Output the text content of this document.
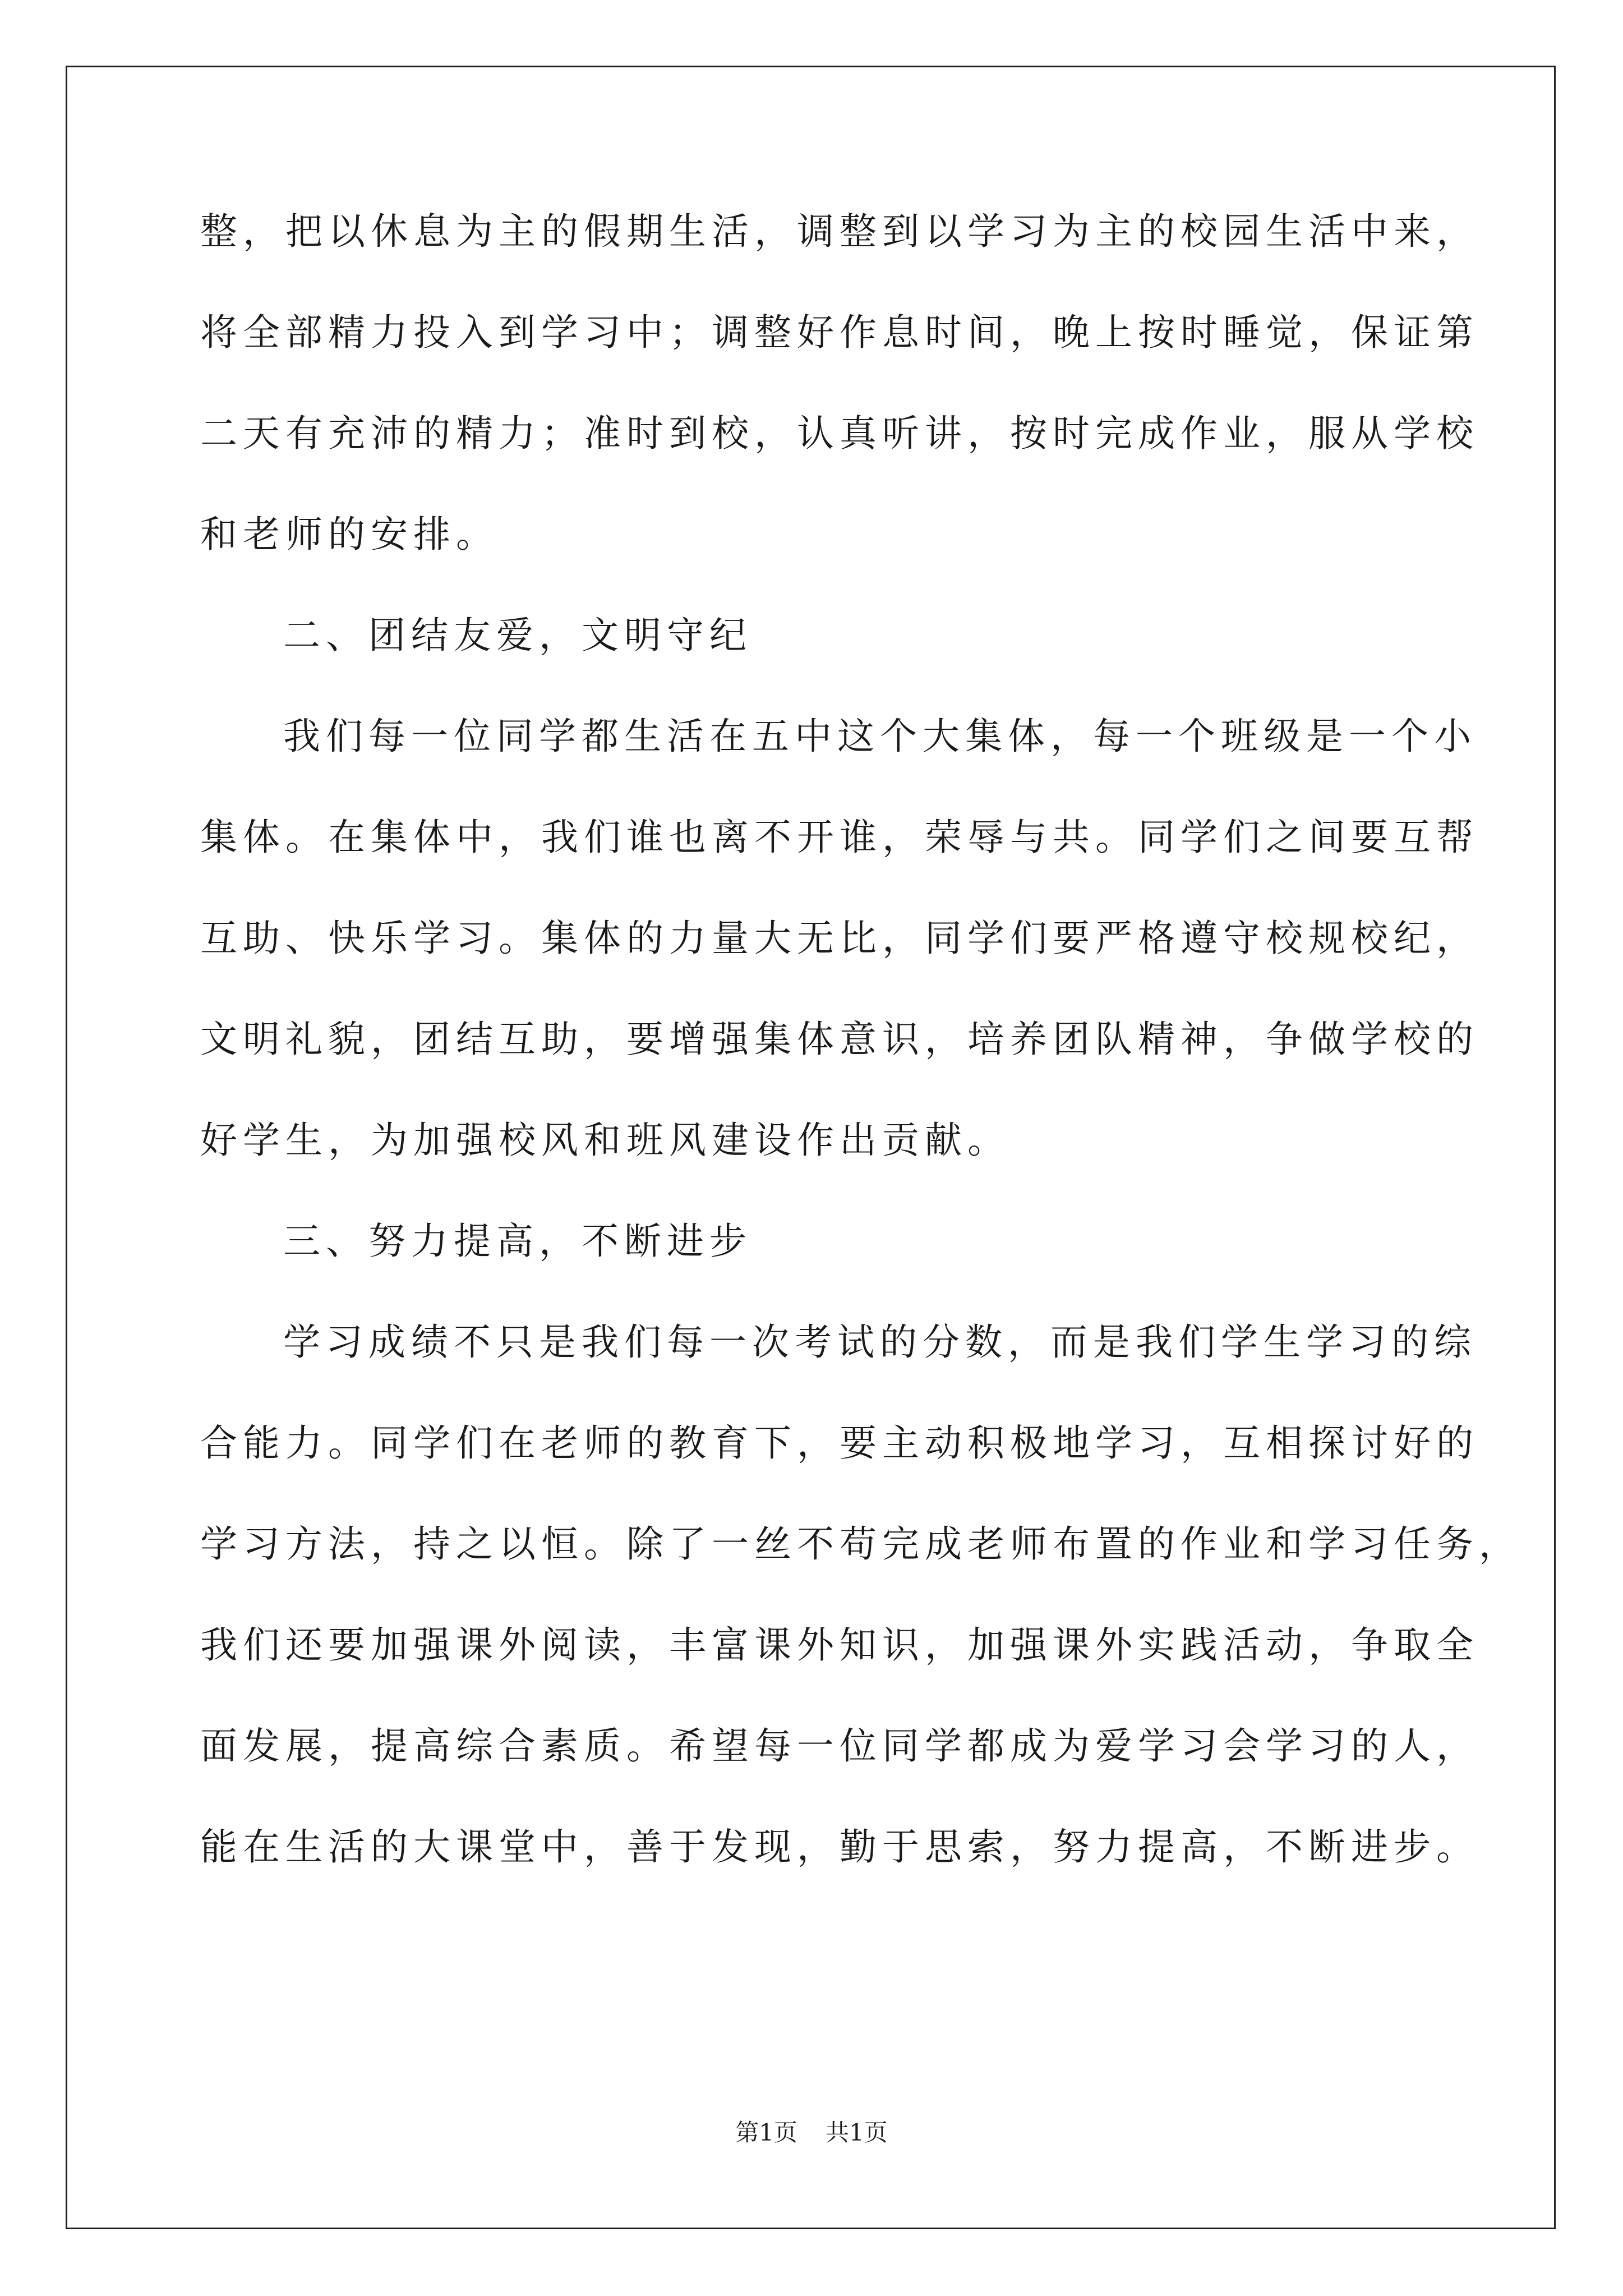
整，把以休息为主的假期生活，调整到以学习为主的校园生活中来，

将全部精力投入到学习中；调整好作息时间，晚上按时睡觉，保证第

二天有充沛的精力；准时到校，认真听讲，按时完成作业，服从学校

和老师的安排。

二、团结友爱，文明守纪

我们每一位同学都生活在五中这个大集体，每一个班级是一个小

集体。在集体中，我们谁也离不开谁，荣辱与共。同学们之间要互帮

互助、快乐学习。集体的力量大无比，同学们要严格遵守校规校纪，

文明礼貌，团结互助，要增强集体意识，培养团队精神，争做学校的

好学生，为加强校风和班风建设作出贡献。

三、努力提高，不断进步

学习成绩不只是我们每一次考试的分数，而是我们学生学习的综

合能力。同学们在老师的教育下，要主动积极地学习，互相探讨好的

学习方法，持之以恒。除了一丝不苟完成老师布置的作业和学习任务，

我们还要加强课外阅读，丰富课外知识，加强课外实践活动，争取全

面发展，提高综合素质。希望每一位同学都成为爱学习会学习的人，

能在生活的大课堂中，善于发现，勤于思索，努力提高，不断进步。

第1页 共1页
